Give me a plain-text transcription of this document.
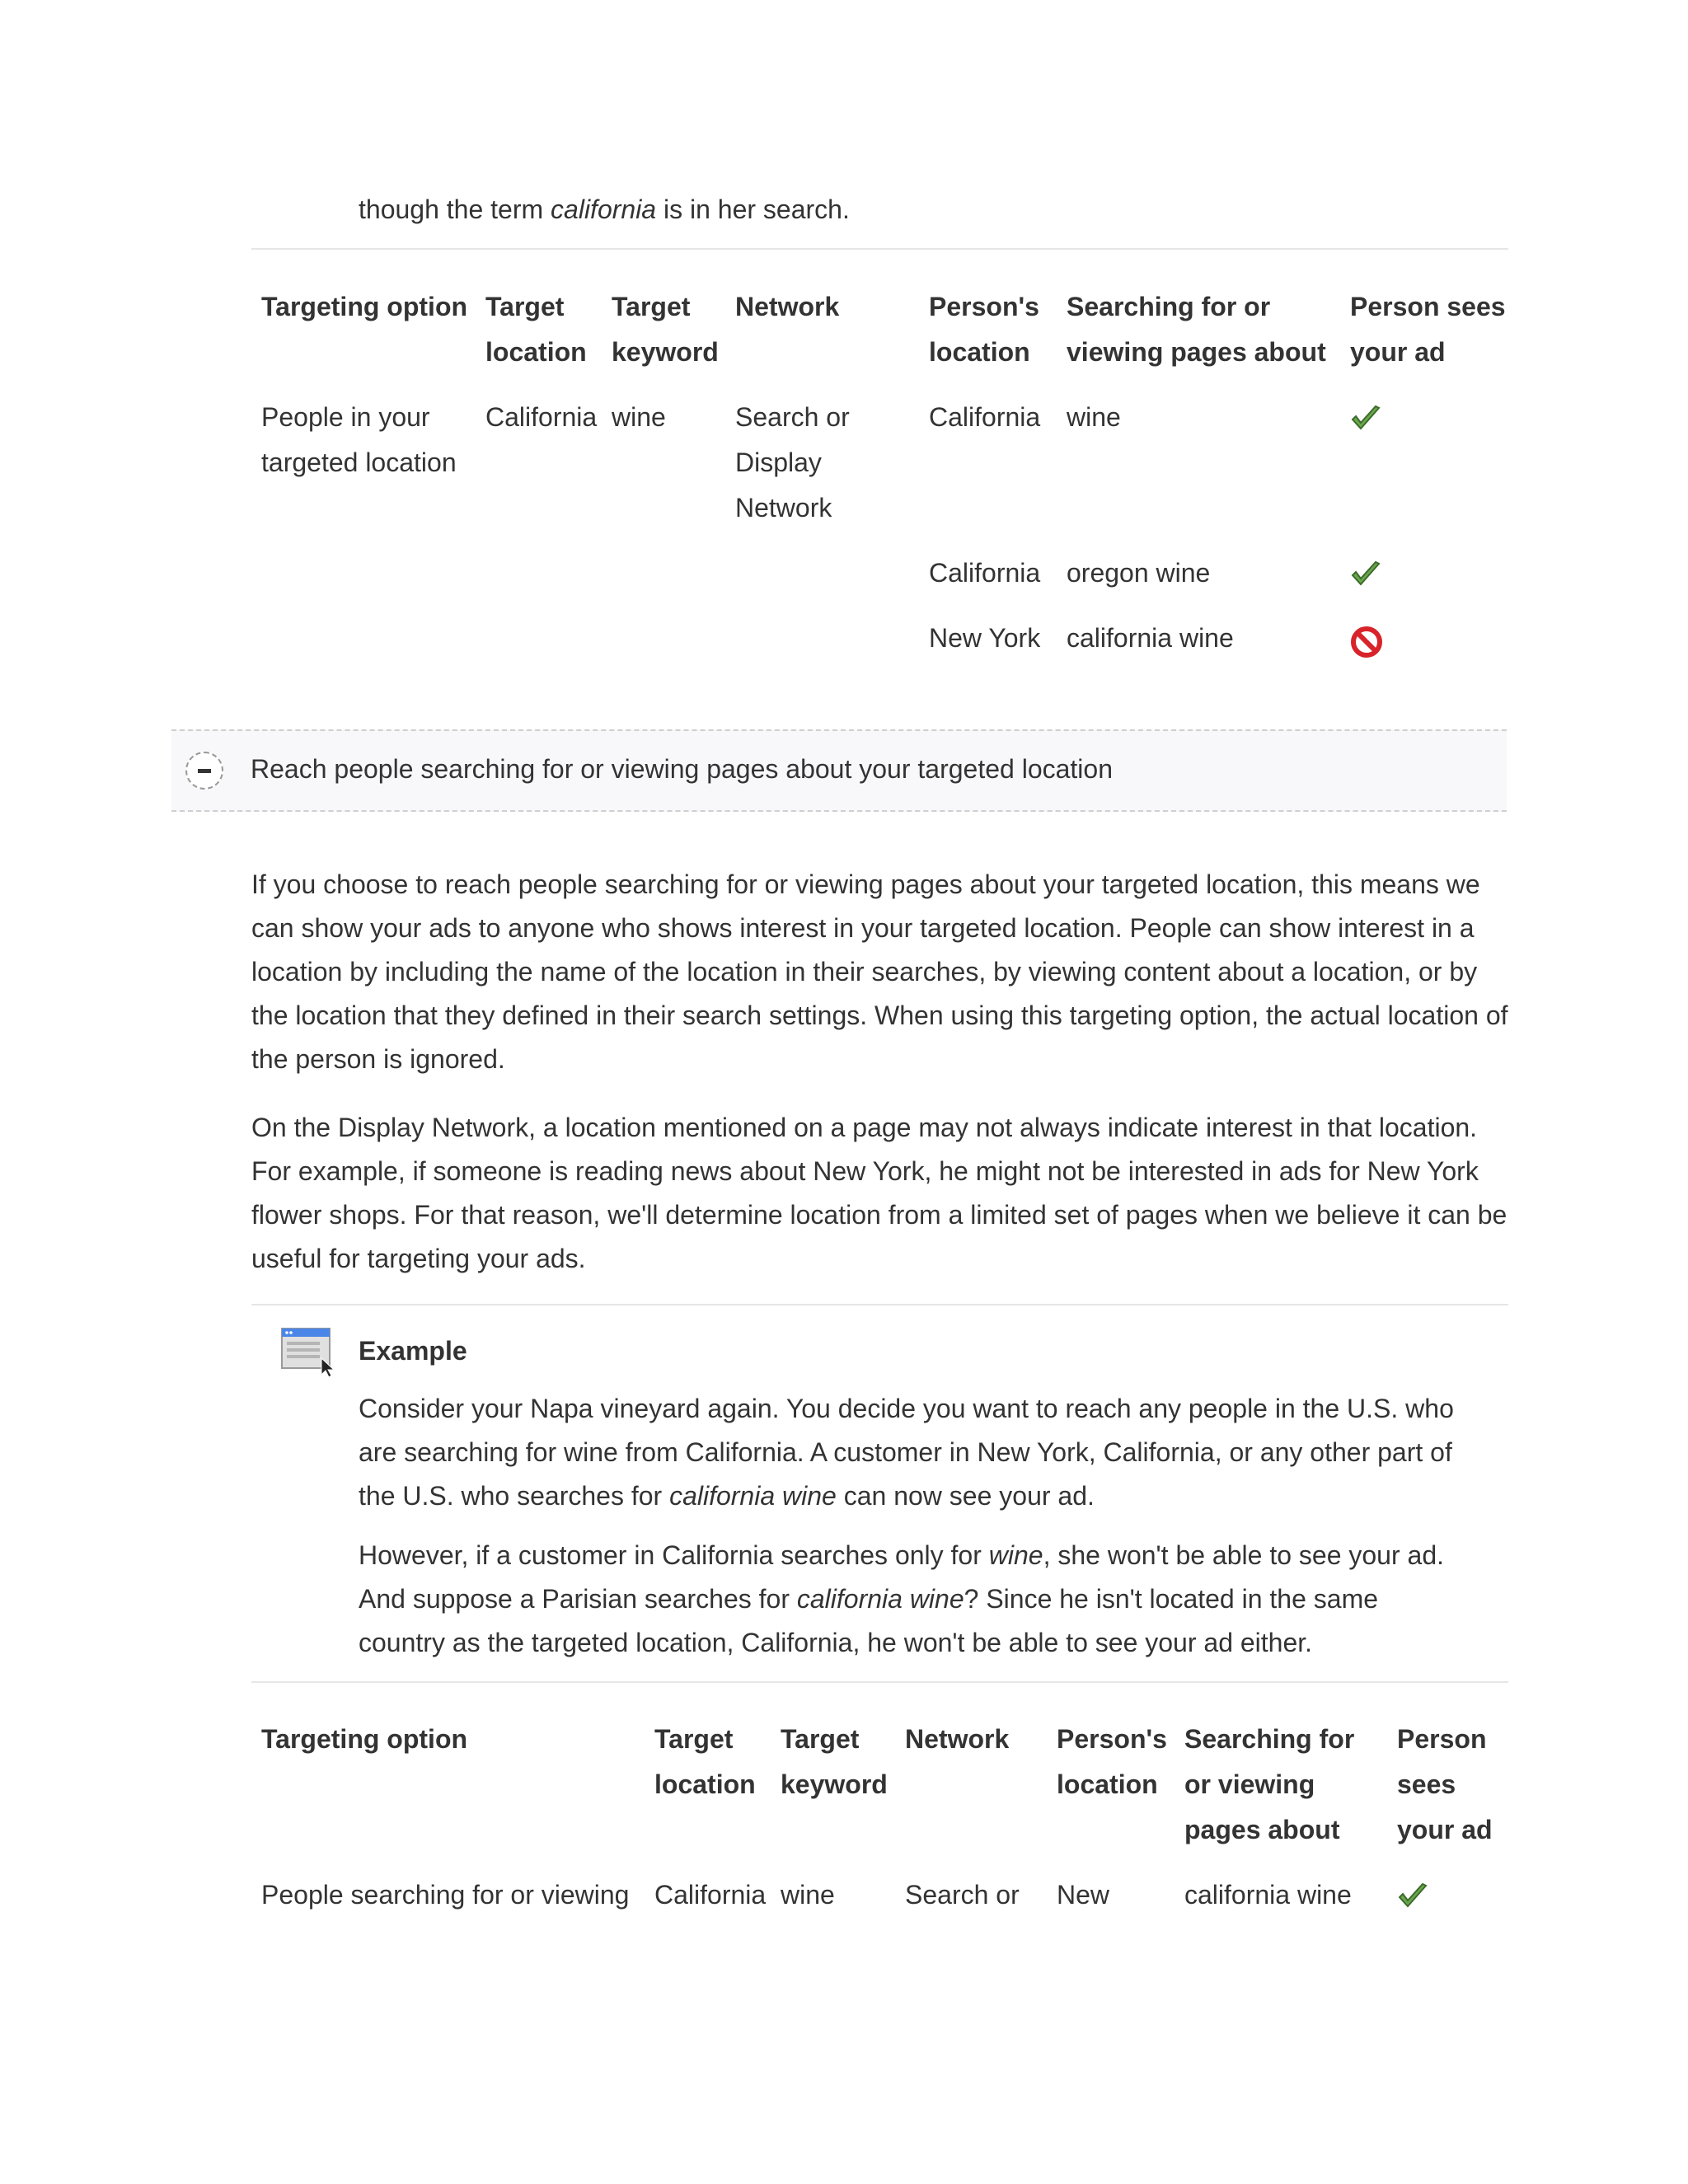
though the term california is in her search.

Targeting option	Target location	Target keyword	Network	Person's location	Searching for or viewing pages about	Person sees your ad
People in your targeted location	California	wine	Search or Display Network	California	wine	

				California	oregon wine	

				New York	california wine	
Reach people searching for or viewing pages about your targeted location

If you choose to reach people searching for or viewing pages about your targeted location, this means we can show your ads to anyone who shows interest in your targeted location. People can show interest in a location by including the name of the location in their searches, by viewing content about a location, or by the location that they defined in their search settings. When using this targeting option, the actual location of the person is ignored.

On the Display Network, a location mentioned on a page may not always indicate interest in that location. For example, if someone is reading news about New York, he might not be interested in ads for New York flower shops. For that reason, we'll determine location from a limited set of pages when we believe it can be useful for targeting your ads.

Example

Consider your Napa vineyard again. You decide you want to reach any people in the U.S. who are searching for wine from California. A customer in New York, California, or any other part of the U.S. who searches for california wine can now see your ad.

However, if a customer in California searches only for wine, she won't be able to see your ad. And suppose a Parisian searches for california wine? Since he isn't located in the same country as the targeted location, California, he won't be able to see your ad either.

Targeting option	Target location	Target keyword	Network	Person's location	Searching for or viewing pages about	Person sees your ad
People searching for or viewing	California	wine	Search or	New	california wine	
